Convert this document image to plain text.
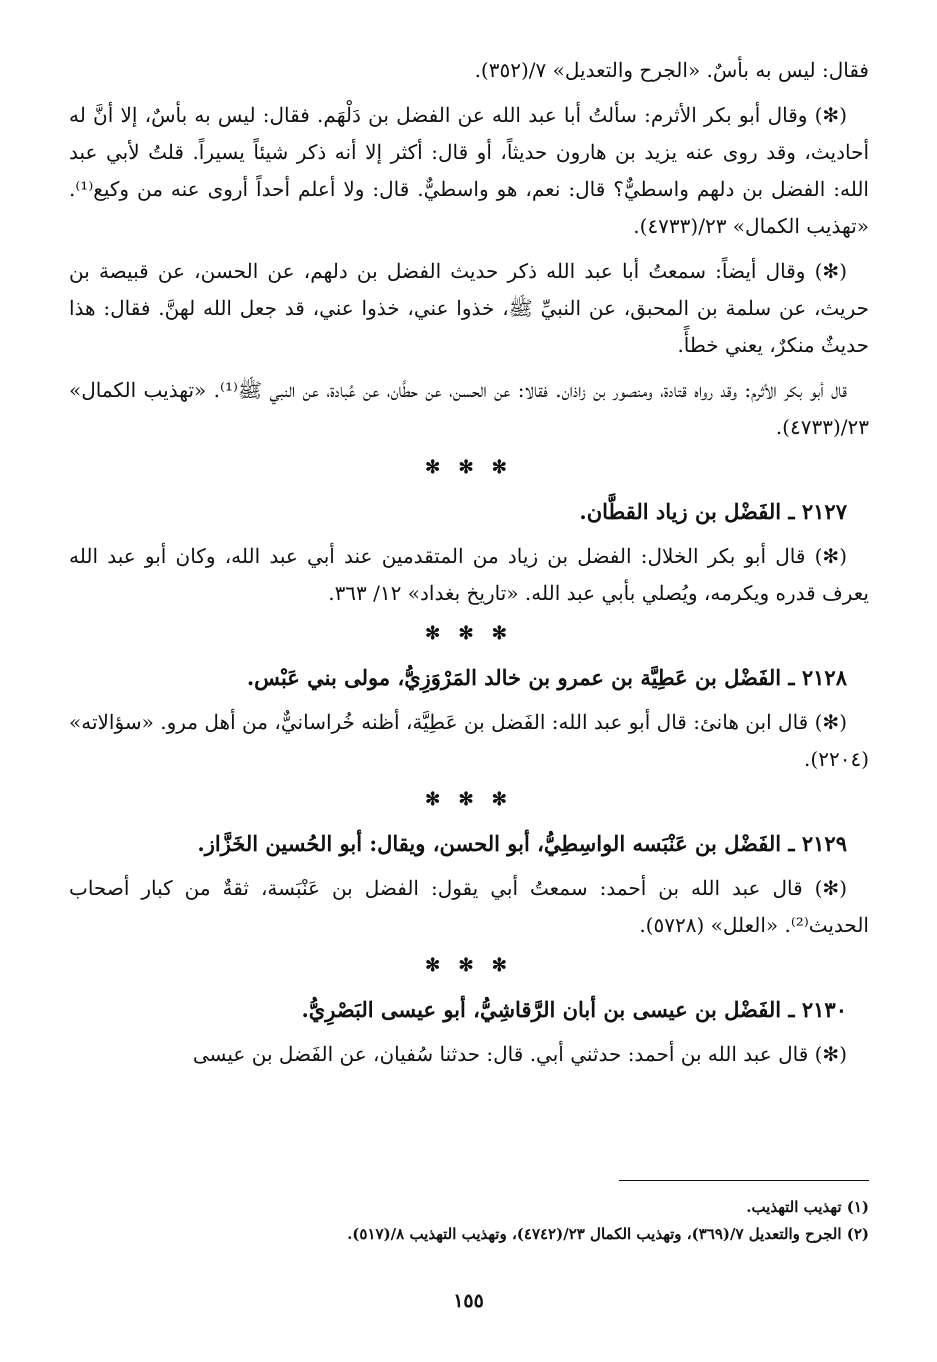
فقال: ليس به بأسٌ. «الجرح والتعديل» ٧/(٣٥٢).

(✻) وقال أبو بكر الأثرم: سألتُ أبا عبد الله عن الفضل بن دَلْهَم. فقال: ليس به بأسٌ، إلا أنَّ له أحاديث، وقد روى عنه يزيد بن هارون حديثاً، أو قال: أكثر إلا أنه ذكر شيئاً يسيراً. قلتُ لأبي عبد الله: الفضل بن دلهم واسطيٌّ؟ قال: نعم، هو واسطيٌّ. قال: ولا أعلم أحداً أروى عنه من وكيع⁽¹⁾. «تهذيب الكمال» ٢٣/(٤٧٣٣).

(✻) وقال أيضاً: سمعتُ أبا عبد الله ذكر حديث الفضل بن دلهم، عن الحسن، عن قبيصة بن حريث، عن سلمة بن المحبق، عن النبيِّ ﷺ، خذوا عني، خذوا عني، قد جعل الله لهنَّ. فقال: هذا حديثٌ منكرٌ، يعني خطأً.

قال أبو بكر الأثرم: وقد رواه قتادة، ومنصور بن زاذان. فقالا: عن الحسن، عن حطَّان، عن عُبادة، عن النبي ﷺ⁽¹⁾. «تهذيب الكمال» ٢٣/(٤٧٣٣).

✻ ✻ ✻
٢١٢٧ ـ الفَضْل بن زياد القطَّان.

(✻) قال أبو بكر الخلال: الفضل بن زياد من المتقدمين عند أبي عبد الله، وكان أبو عبد الله يعرف قدره ويكرمه، ويُصلي بأبي عبد الله. «تاريخ بغداد» ١٢/ ٣٦٣.

✻ ✻ ✻
٢١٢٨ ـ الفَضْل بن عَطِيَّة بن عمرو بن خالد المَرْوَزِيُّ، مولى بني عَبْس.

(✻) قال ابن هانئ: قال أبو عبد الله: الفَضل بن عَطِيَّة، أظنه خُراسانيٌّ، من أهل مرو. «سؤالاته» (٢٢٠٤).

✻ ✻ ✻
٢١٢٩ ـ الفَضْل بن عَنْبَسه الواسِطِيُّ، أبو الحسن، ويقال: أبو الحُسين الخَزَّاز.

(✻) قال عبد الله بن أحمد: سمعتُ أبي يقول: الفضل بن عَنْبَسة، ثقةٌ من كبار أصحاب الحديث⁽²⁾. «العلل» (٥٧٢٨).

✻ ✻ ✻
٢١٣٠ ـ الفَضْل بن عيسى بن أبان الرَّقاشِيُّ، أبو عيسى البَصْرِيُّ.

(✻) قال عبد الله بن أحمد: حدثني أبي. قال: حدثنا سُفيان، عن الفَضل بن عيسى

(١) تهذيب التهذيب.
(٢) الجرح والتعديل ٧/(٣٦٩)، وتهذيب الكمال ٢٣/(٤٧٤٢)، وتهذيب التهذيب ٨/(٥١٧).
١٥٥
